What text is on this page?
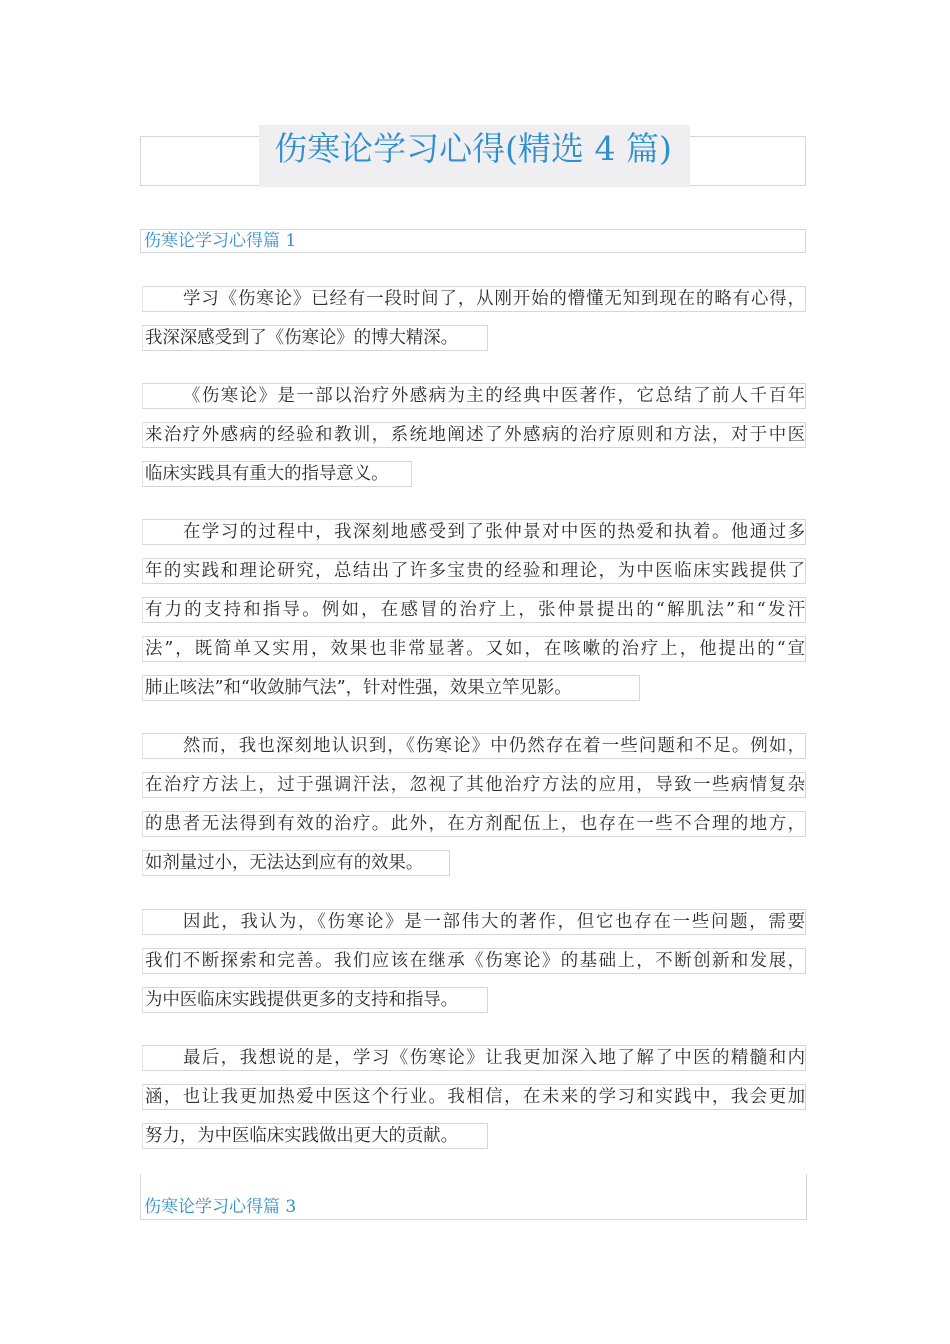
伤寒论学习心得(精选 4 篇)
伤寒论学习心得篇 1
学习《伤寒论》已经有一段时间了，从刚开始的懵懂无知到现在的略有心得，
我深深感受到了《伤寒论》的博大精深。
《伤寒论》是一部以治疗外感病为主的经典中医著作，它总结了前人千百年
来治疗外感病的经验和教训，系统地阐述了外感病的治疗原则和方法，对于中医
临床实践具有重大的指导意义。
在学习的过程中，我深刻地感受到了张仲景对中医的热爱和执着。他通过多
年的实践和理论研究，总结出了许多宝贵的经验和理论，为中医临床实践提供了
有力的支持和指导。例如，在感冒的治疗上，张仲景提出的“解肌法”和“发汗
法”，既简单又实用，效果也非常显著。又如，在咳嗽的治疗上，他提出的“宣
肺止咳法”和“收敛肺气法”，针对性强，效果立竿见影。
然而，我也深刻地认识到，《伤寒论》中仍然存在着一些问题和不足。例如，
在治疗方法上，过于强调汗法，忽视了其他治疗方法的应用，导致一些病情复杂
的患者无法得到有效的治疗。此外，在方剂配伍上，也存在一些不合理的地方，
如剂量过小，无法达到应有的效果。
因此，我认为，《伤寒论》是一部伟大的著作，但它也存在一些问题，需要
我们不断探索和完善。我们应该在继承《伤寒论》的基础上，不断创新和发展，
为中医临床实践提供更多的支持和指导。
最后，我想说的是，学习《伤寒论》让我更加深入地了解了中医的精髓和内
涵，也让我更加热爱中医这个行业。我相信，在未来的学习和实践中，我会更加
努力，为中医临床实践做出更大的贡献。
伤寒论学习心得篇 3
